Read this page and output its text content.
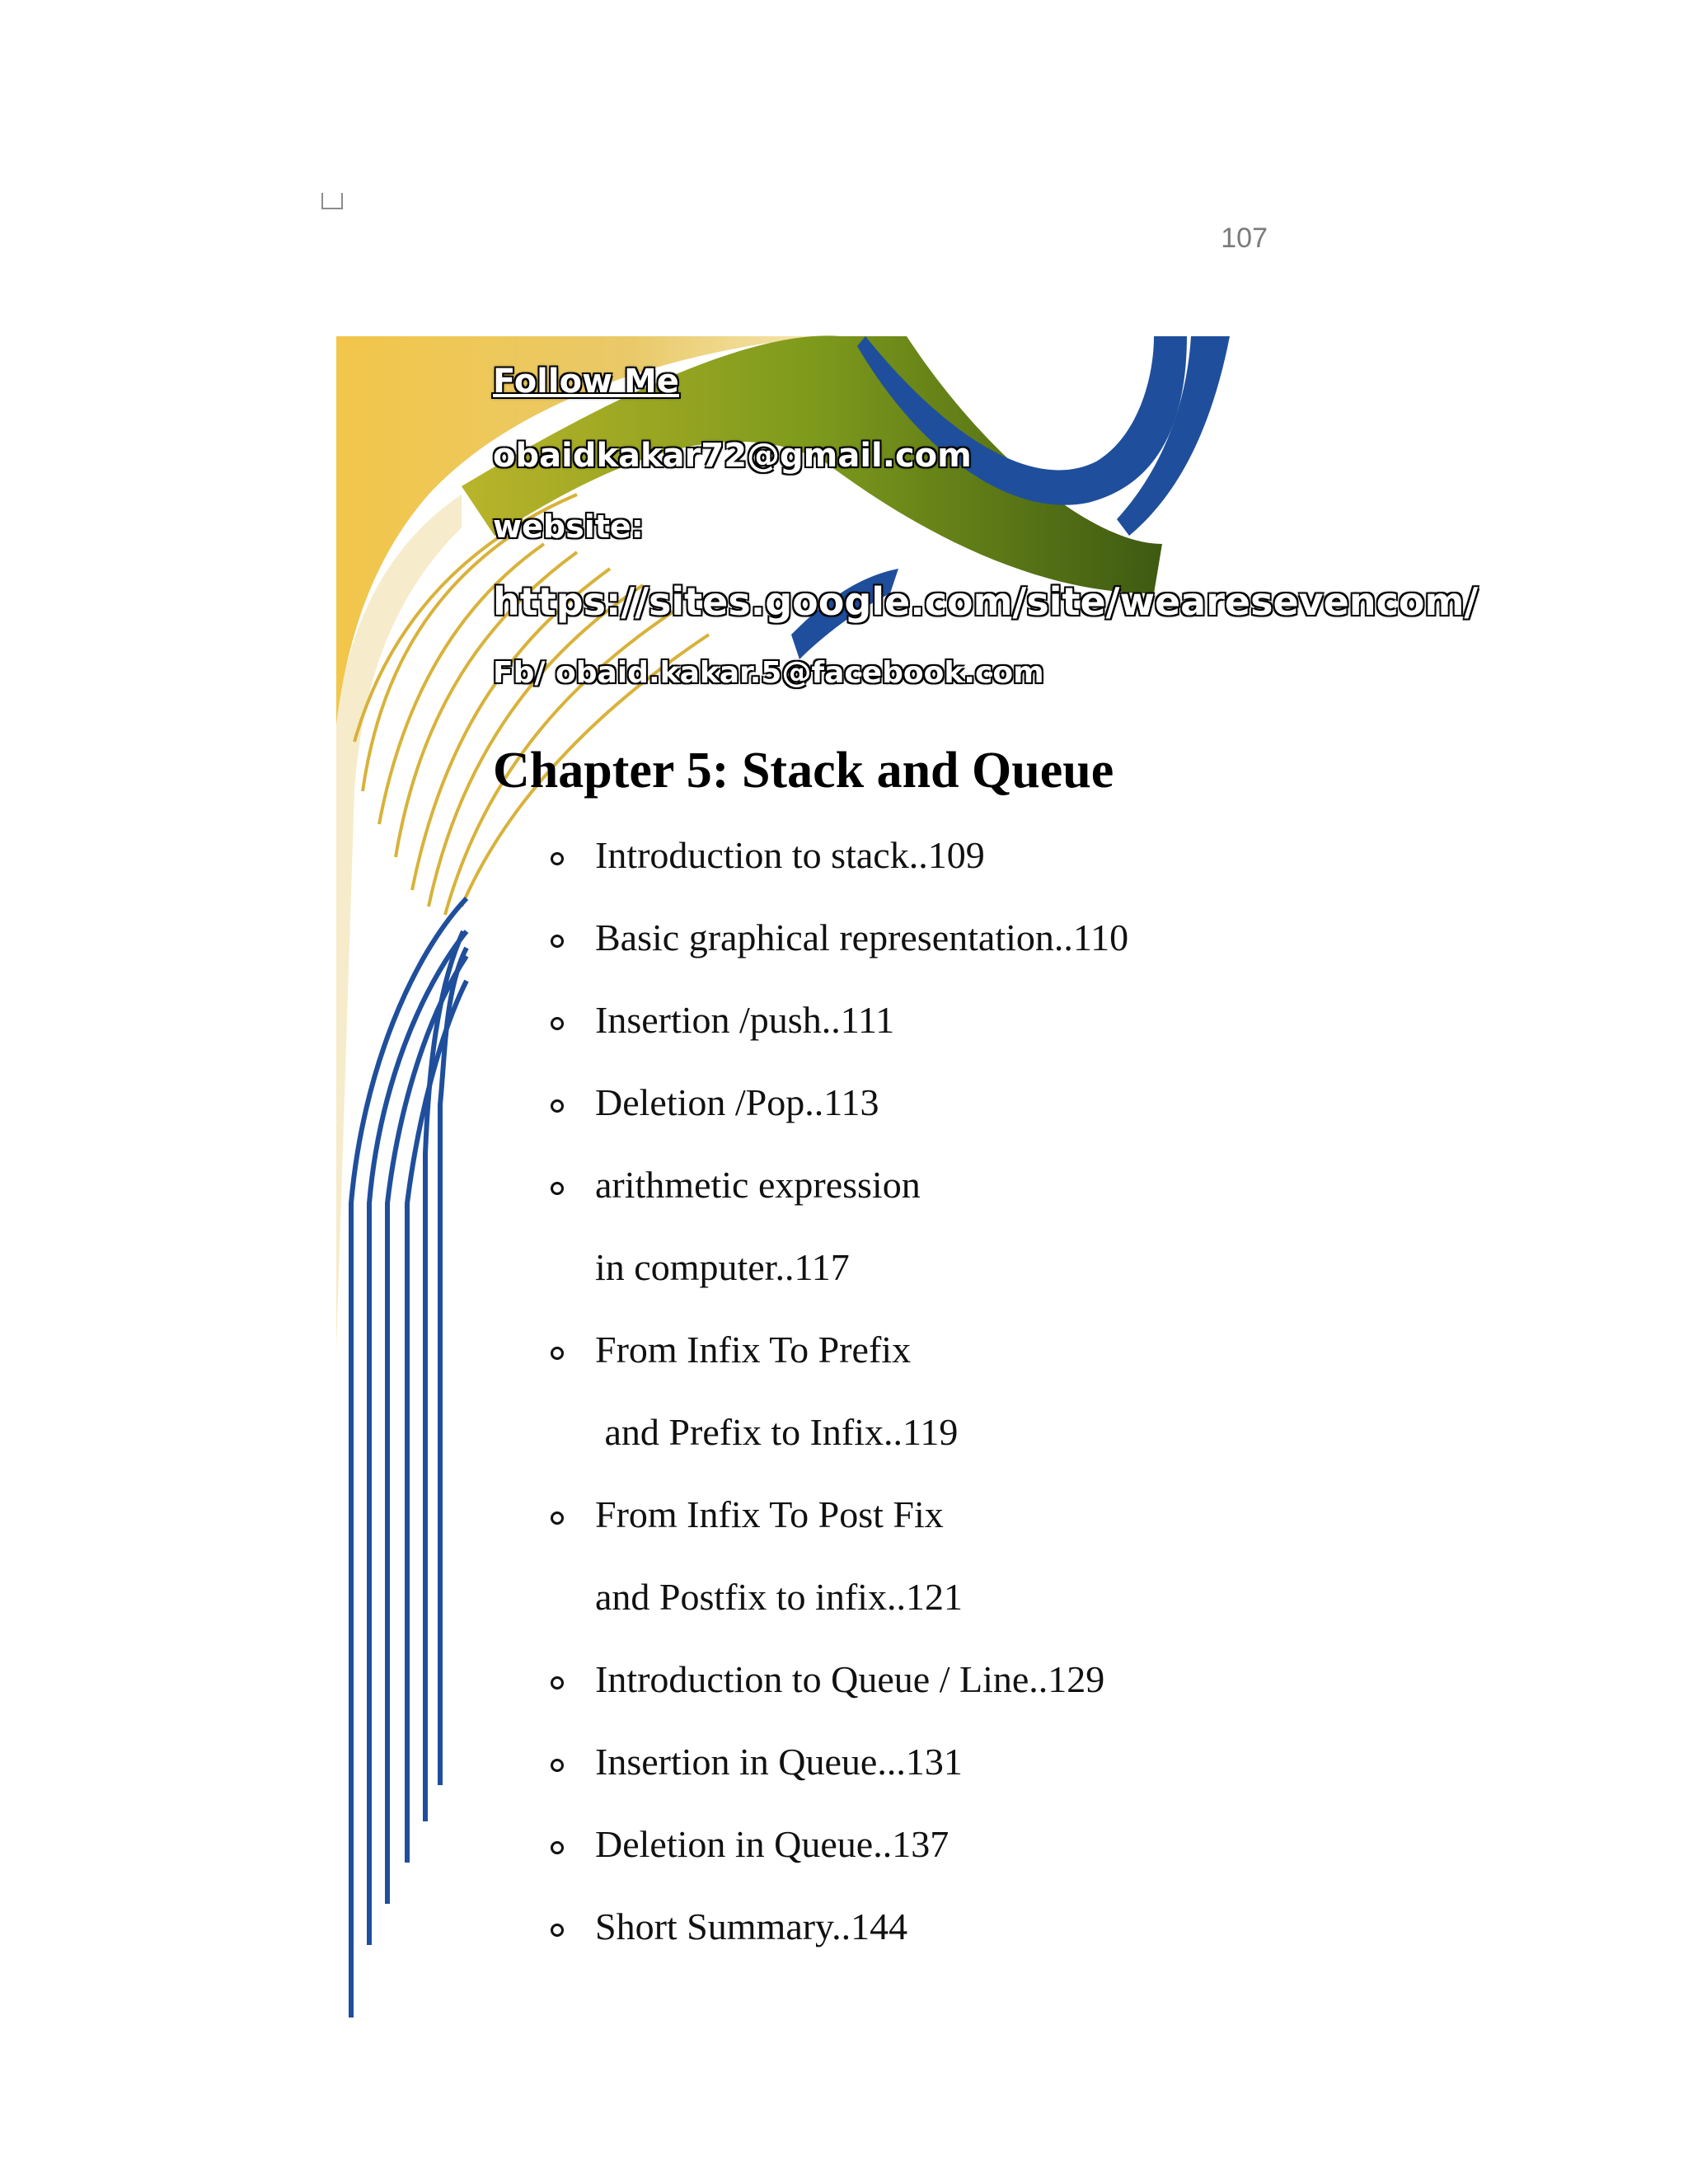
107
Follow Me
obaidkakar72@gmail.com
website:
https://sites.google.com/site/wearesevencom/
Fb/ obaid.kakar.5@facebook.com
Chapter 5: Stack and Queue
Introduction to stack..109
Basic graphical representation..110
Insertion /push..111
Deletion /Pop..113
arithmetic expression
in computer..117
From Infix To Prefix
and Prefix to Infix..119
From Infix To Post Fix
and Postfix to infix..121
Introduction to Queue / Line..129
Insertion in Queue...131
Deletion in Queue..137
Short Summary..144
